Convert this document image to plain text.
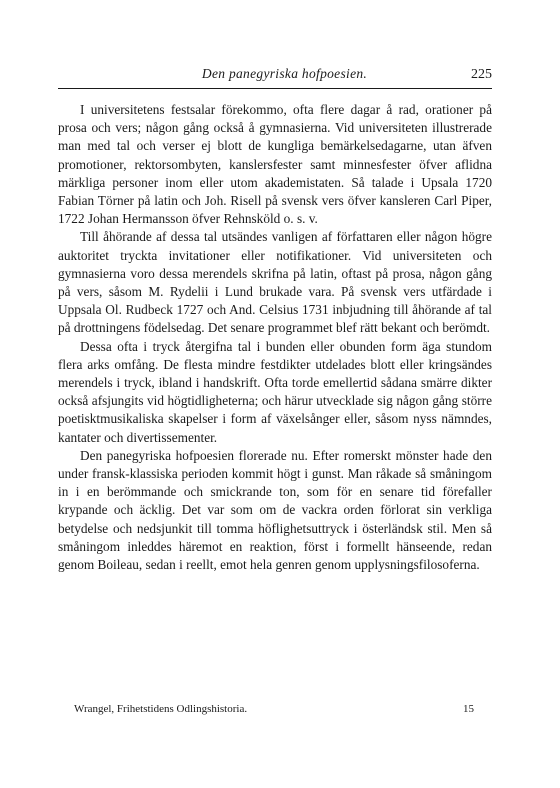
Den panegyriska hofpoesien.	225

I universitetens festsalar förekommo, ofta flere dagar å rad, orationer på prosa och vers; någon gång också å gymnasierna. Vid universiteten illustrerade man med tal och verser ej blott de kungliga bemärkelsedagarne, utan äfven promotioner, rektorsombyten, kanslersfester samt minnesfester öfver aflidna märkliga personer inom eller utom akademistaten. Så talade i Upsala 1720 Fabian Törner på latin och Joh. Risell på svensk vers öfver kansleren Carl Piper, 1722 Johan Hermansson öfver Rehnsköld o. s. v.

Till åhörande af dessa tal utsändes vanligen af författaren eller någon högre auktoritet tryckta invitationer eller notifikationer. Vid universiteten och gymnasierna voro dessa merendels skrifna på latin, oftast på prosa, någon gång på vers, såsom M. Rydelii i Lund brukade vara. På svensk vers utfärdade i Uppsala Ol. Rudbeck 1727 och And. Celsius 1731 inbjudning till åhörande af tal på drottningens födelsedag. Det senare programmet blef rätt bekant och berömdt.

Dessa ofta i tryck återgifna tal i bunden eller obunden form äga stundom flera arks omfång. De flesta mindre festdikter utdelades blott eller kringsändes merendels i tryck, ibland i handskrift. Ofta torde emellertid sådana smärre dikter också afsjungits vid högtidligheterna; och härur utvecklade sig någon gång större poetisktmusikaliska skapelser i form af växelsånger eller, såsom nyss nämndes, kantater och divertissementer.

Den panegyriska hofpoesien florerade nu. Efter romerskt mönster hade den under fransk-klassiska perioden kommit högt i gunst. Man råkade så småningom in i en berömmande och smickrande ton, som för en senare tid förefaller krypande och äcklig. Det var som om de vackra orden förlorat sin verkliga betydelse och nedsjunkit till tomma höflighetsuttryck i österländsk stil. Men så småningom inleddes häremot en reaktion, först i formellt hänseende, redan genom Boileau, sedan i reellt, emot hela genren genom upplysningsfilosoferna.

Wrangel, Frihetstidens Odlingshistoria.	15
